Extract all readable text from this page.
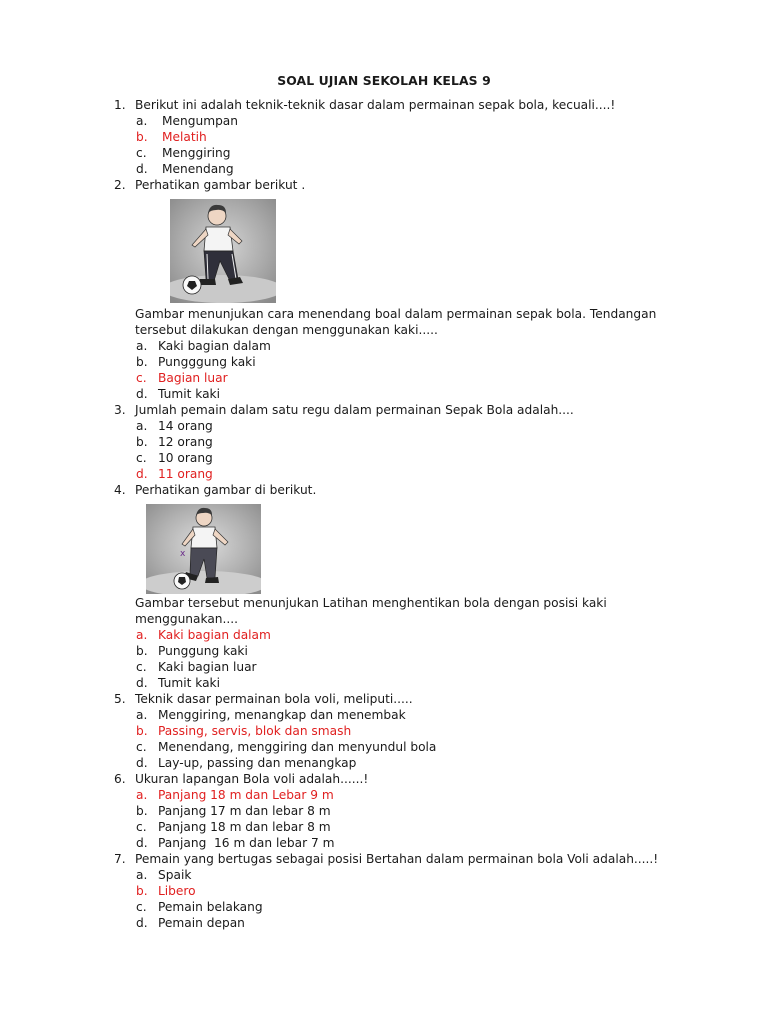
SOAL UJIAN SEKOLAH KELAS 9
1. Berikut ini adalah teknik-teknik dasar dalam permainan sepak bola, kecuali....!
a. Mengumpan
b. Melatih
c. Menggiring
d. Menendang
2. Perhatikan gambar berikut .
Gambar menunjukan cara menendang boal dalam permainan sepak bola. Tendangan
tersebut dilakukan dengan menggunakan kaki.....
a. Kaki bagian dalam
b. Pungggung kaki
c. Bagian luar
d. Tumit kaki
3. Jumlah pemain dalam satu regu dalam permainan Sepak Bola adalah....
a. 14 orang
b. 12 orang
c. 10 orang
d. 11 orang
4. Perhatikan gambar di berikut.
x
Gambar tersebut menunjukan Latihan menghentikan bola dengan posisi kaki
menggunakan....
a. Kaki bagian dalam
b. Punggung kaki
c. Kaki bagian luar
d. Tumit kaki
5. Teknik dasar permainan bola voli, meliputi.....
a. Menggiring, menangkap dan menembak
b. Passing, servis, blok dan smash
c. Menendang, menggiring dan menyundul bola
d. Lay-up, passing dan menangkap
6. Ukuran lapangan Bola voli adalah......!
a. Panjang 18 m dan Lebar 9 m
b. Panjang 17 m dan lebar 8 m
c. Panjang 18 m dan lebar 8 m
d. Panjang  16 m dan lebar 7 m
7. Pemain yang bertugas sebagai posisi Bertahan dalam permainan bola Voli adalah.....!
a. Spaik
b. Libero
c. Pemain belakang
d. Pemain depan
